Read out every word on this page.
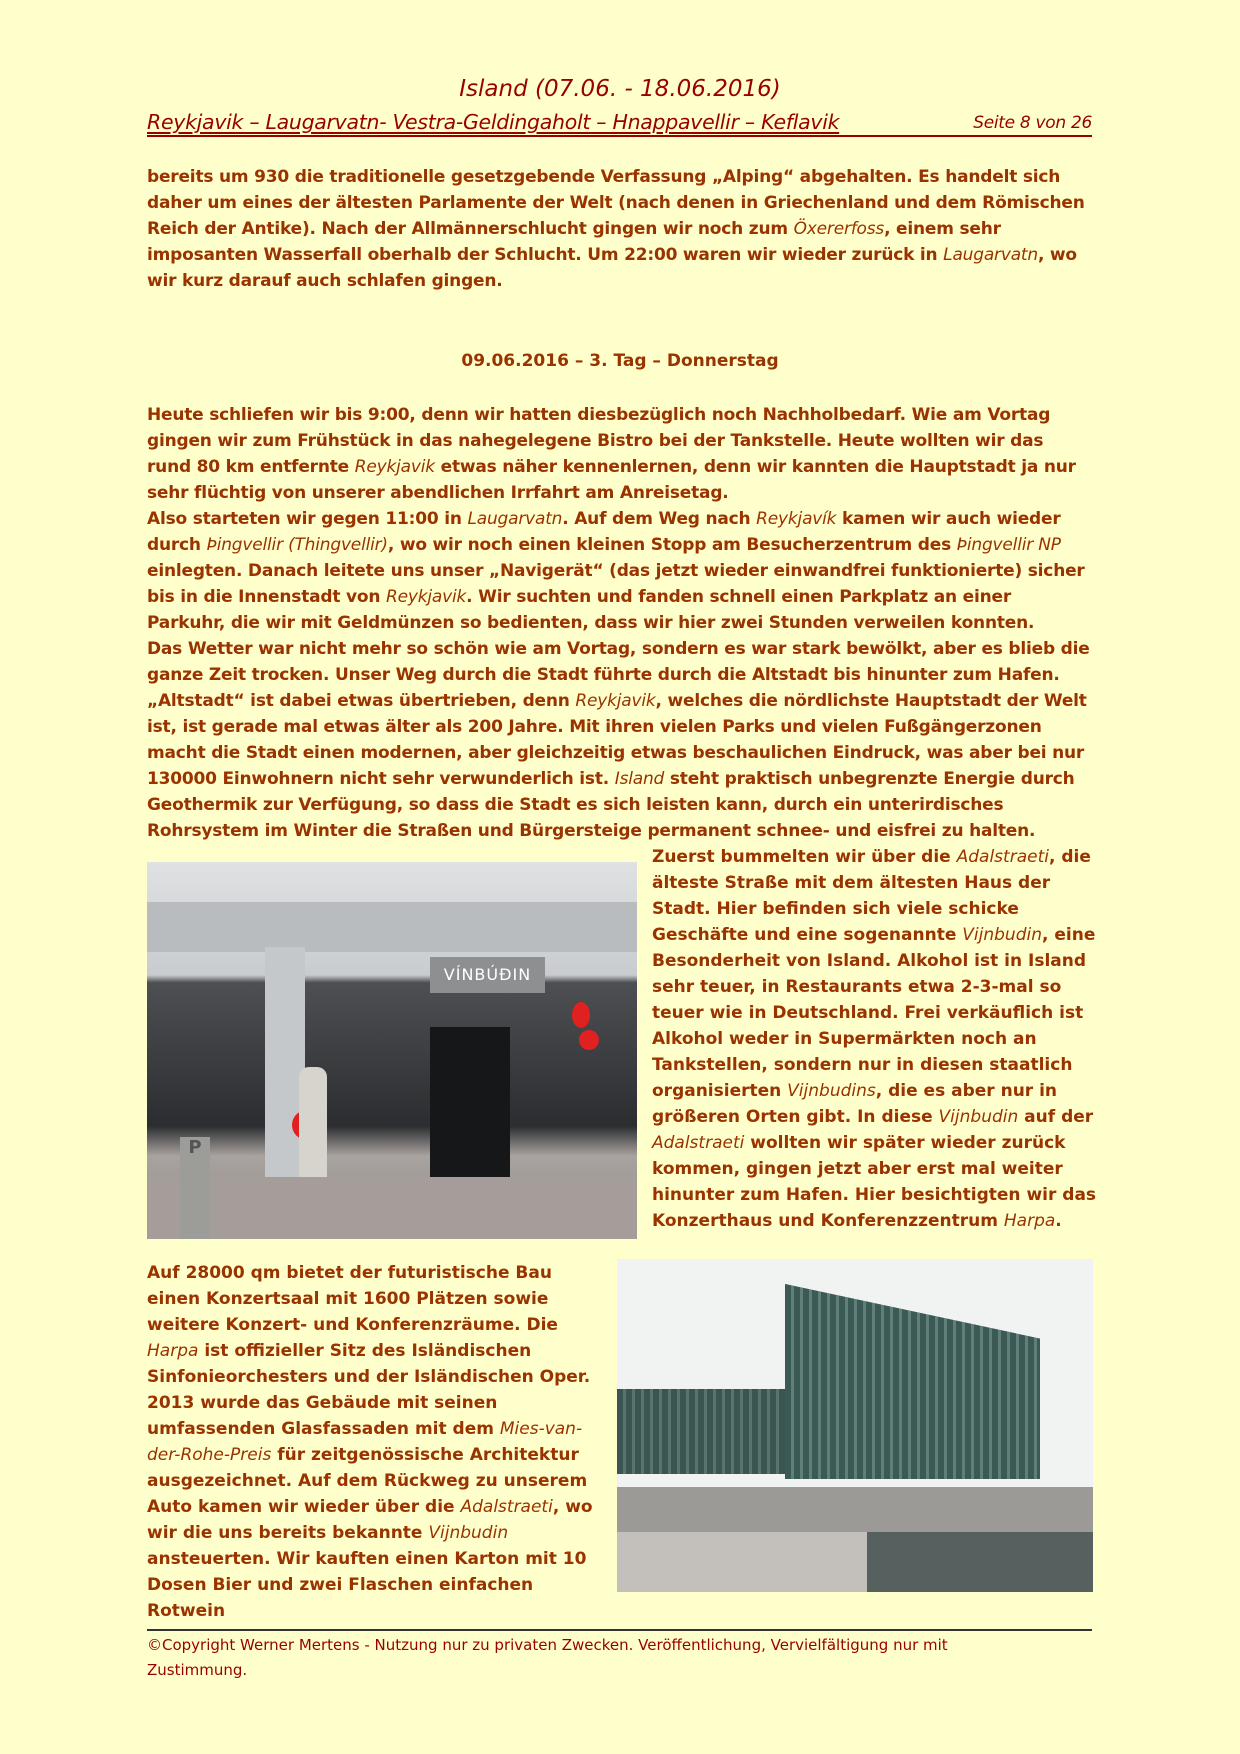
Island (07.06. - 18.06.2016)
Reykjavik – Laugarvatn- Vestra-Geldingaholt – Hnappavellir – Keflavik	Seite 8 von 26
bereits um 930 die traditionelle gesetzgebende Verfassung „Alping“ abgehalten. Es handelt sich daher um eines der ältesten Parlamente der Welt (nach denen in Griechenland und dem Römischen Reich der Antike). Nach der Allmännerschlucht gingen wir noch zum Öxererfoss, einem sehr imposanten Wasserfall oberhalb der Schlucht. Um 22:00 waren wir wieder zurück in Laugarvatn, wo wir kurz darauf auch schlafen gingen.
09.06.2016 – 3. Tag – Donnerstag
Heute schliefen wir bis 9:00, denn wir hatten diesbezüglich noch Nachholbedarf. Wie am Vortag gingen wir zum Frühstück in das nahegelegene Bistro bei der Tankstelle. Heute wollten wir das rund 80 km entfernte Reykjavik etwas näher kennenlernen, denn wir kannten die Hauptstadt ja nur sehr flüchtig von unserer abendlichen Irrfahrt am Anreisetag.
Also starteten wir gegen 11:00 in Laugarvatn. Auf dem Weg nach Reykjavík kamen wir auch wieder durch Þingvellir (Thingvellir), wo wir noch einen kleinen Stopp am Besucherzentrum des Þingvellir NP einlegten. Danach leitete uns unser „Navigerät“ (das jetzt wieder einwandfrei funktionierte) sicher bis in die Innenstadt von Reykjavik. Wir suchten und fanden schnell einen Parkplatz an einer Parkuhr, die wir mit Geldmünzen so bedienten, dass wir hier zwei Stunden verweilen konnten.
Das Wetter war nicht mehr so schön wie am Vortag, sondern es war stark bewölkt, aber es blieb die ganze Zeit trocken. Unser Weg durch die Stadt führte durch die Altstadt bis hinunter zum Hafen. „Altstadt“ ist dabei etwas übertrieben, denn Reykjavik, welches die nördlichste Hauptstadt der Welt ist, ist gerade mal etwas älter als 200 Jahre. Mit ihren vielen Parks und vielen Fußgängerzonen macht die Stadt einen modernen, aber gleichzeitig etwas beschaulichen Eindruck, was aber bei nur 130000 Einwohnern nicht sehr verwunderlich ist. Island steht praktisch unbegrenzte Energie durch Geothermik zur Verfügung, so dass die Stadt es sich leisten kann, durch ein unterirdisches Rohrsystem im Winter die Straßen und Bürgersteige permanent schnee- und eisfrei zu halten.
VÍNBÚÐIN
P
Zuerst bummelten wir über die Adalstraeti, die älteste Straße mit dem ältesten Haus der Stadt. Hier befinden sich viele schicke Geschäfte und eine sogenannte Vijnbudin, eine Besonderheit von Island. Alkohol ist in Island sehr teuer, in Restaurants etwa 2-3-mal so teuer wie in Deutschland. Frei verkäuflich ist Alkohol weder in Supermärkten noch an Tankstellen, sondern nur in diesen staatlich organisierten Vijnbudins, die es aber nur in größeren Orten gibt. In diese Vijnbudin auf der Adalstraeti wollten wir später wieder zurück kommen, gingen jetzt aber erst mal weiter hinunter zum Hafen. Hier besichtigten wir das Konzerthaus und Konferenzzentrum Harpa.
Auf 28000 qm bietet der futuristische Bau einen Konzertsaal mit 1600 Plätzen sowie weitere Konzert- und Konferenzräume. Die Harpa ist offizieller Sitz des Isländischen Sinfonieorchesters und der Isländischen Oper. 2013 wurde das Gebäude mit seinen umfassenden Glasfassaden mit dem Mies-van-der-Rohe-Preis für zeitgenössische Architektur ausgezeichnet. Auf dem Rückweg zu unserem Auto kamen wir wieder über die Adalstraeti, wo wir die uns bereits bekannte Vijnbudin ansteuerten. Wir kauften einen Karton mit 10 Dosen Bier und zwei Flaschen einfachen Rotwein
©Copyright Werner Mertens - Nutzung nur zu privaten Zwecken. Veröffentlichung, Vervielfältigung nur mit Zustimmung.
